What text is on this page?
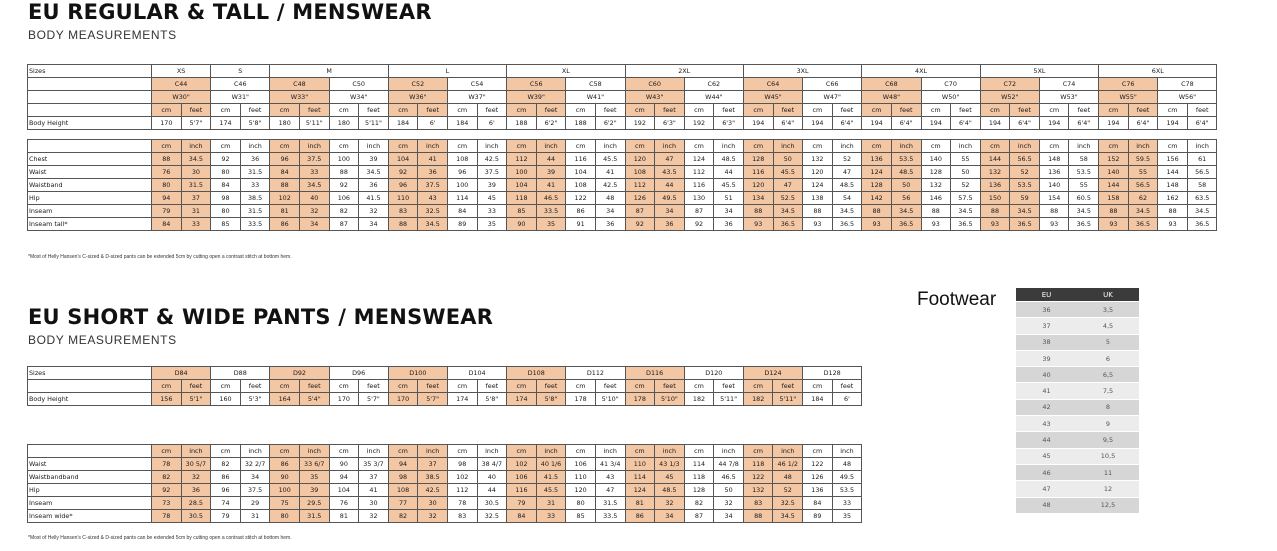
EU REGULAR & TALL / MENSWEAR
BODY MEASUREMENTS
Sizes	XS		S		M				L				XL				2XL				3XL				4XL				5XL				6XL			
	C44		C46		C48		C50		C52		C54		C56		C58		C60		C62		C64		C66		C68		C70		C72		C74		C76		C78	
	W30"		W31"		W33"		W34"		W36"		W37"		W39"		W41"		W43"		W44"		W45"		W47"		W48"		W50"		W52"		W53"		W55"		W56"	
	cm	feet	cm	feet	cm	feet	cm	feet	cm	feet	cm	feet	cm	feet	cm	feet	cm	feet	cm	feet	cm	feet	cm	feet	cm	feet	cm	feet	cm	feet	cm	feet	cm	feet	cm	feet
Body Height	170	5'7"	174	5'8"	180	5'11"	180	5'11"	184	6'	184	6'	188	6'2"	188	6'2"	192	6'3"	192	6'3"	194	6'4"	194	6'4"	194	6'4"	194	6'4"	194	6'4"	194	6'4"	194	6'4"	194	6'4"

	cm	inch	cm	inch	cm	inch	cm	inch	cm	inch	cm	inch	cm	inch	cm	inch	cm	inch	cm	inch	cm	inch	cm	inch	cm	inch	cm	inch	cm	inch	cm	inch	cm	inch	cm	inch
Chest	88	34.5	92	36	96	37.5	100	39	104	41	108	42.5	112	44	116	45.5	120	47	124	48.5	128	50	132	52	136	53.5	140	55	144	56.5	148	58	152	59.5	156	61
Waist	76	30	80	31.5	84	33	88	34.5	92	36	96	37.5	100	39	104	41	108	43.5	112	44	116	45.5	120	47	124	48.5	128	50	132	52	136	53.5	140	55	144	56.5
Waistband	80	31.5	84	33	88	34.5	92	36	96	37.5	100	39	104	41	108	42.5	112	44	116	45.5	120	47	124	48.5	128	50	132	52	136	53.5	140	55	144	56.5	148	58
Hip	94	37	98	38.5	102	40	106	41.5	110	43	114	45	118	46.5	122	48	126	49.5	130	51	134	52.5	138	54	142	56	146	57.5	150	59	154	60.5	158	62	162	63.5
Inseam	79	31	80	31.5	81	32	82	32	83	32.5	84	33	85	33.5	86	34	87	34	87	34	88	34.5	88	34.5	88	34.5	88	34.5	88	34.5	88	34.5	88	34.5	88	34.5
Inseam tall*	84	33	85	33.5	86	34	87	34	88	34.5	89	35	90	35	91	36	92	36	92	36	93	36.5	93	36.5	93	36.5	93	36.5	93	36.5	93	36.5	93	36.5	93	36.5
*Most of Helly Hansen's C-sized & D-sized pants can be extended 5cm by cutting open a contrast stitch at bottom hem.
EU SHORT & WIDE PANTS / MENSWEAR
BODY MEASUREMENTS
Sizes	D84		D88		D92		D96		D100		D104		D108		D112		D116		D120		D124		D128	
	cm	feet	cm	feet	cm	feet	cm	feet	cm	feet	cm	feet	cm	feet	cm	feet	cm	feet	cm	feet	cm	feet	cm	feet
Body Height	156	5'1"	160	5'3"	164	5'4"	170	5'7"	170	5'7"	174	5'8"	174	5'8"	178	5'10"	178	5'10"	182	5'11"	182	5'11"	184	6'
	cm	inch	cm	inch	cm	inch	cm	inch	cm	inch	cm	inch	cm	inch	cm	inch	cm	inch	cm	inch	cm	inch	cm	inch
Waist	78	30 5/7	82	32 2/7	86	33 6/7	90	35 3/7	94	37	98	38 4/7	102	40 1/6	106	41 3/4	110	43 1/3	114	44 7/8	118	46 1/2	122	48
Waistbandband	82	32	86	34	90	35	94	37	98	38.5	102	40	106	41.5	110	43	114	45	118	46.5	122	48	126	49.5
Hip	92	36	96	37.5	100	39	104	41	108	42.5	112	44	116	45.5	120	47	124	48.5	128	50	132	52	136	53.5
Inseam	73	28.5	74	29	75	29.5	76	30	77	30	78	30.5	79	31	80	31.5	81	32	82	32	83	32.5	84	33
Inseam wide*	78	30.5	79	31	80	31.5	81	32	82	32	83	32.5	84	33	85	33.5	86	34	87	34	88	34.5	89	35
*Most of Helly Hansen's C-sized & D-sized pants can be extended 5cm by cutting open a contrast stitch at bottom hem.
Footwear	EU	UK
36	3,5
37	4,5
38	5
39	6
40	6,5
41	7,5
42	8
43	9
44	9,5
45	10,5
46	11
47	12
48	12,5
